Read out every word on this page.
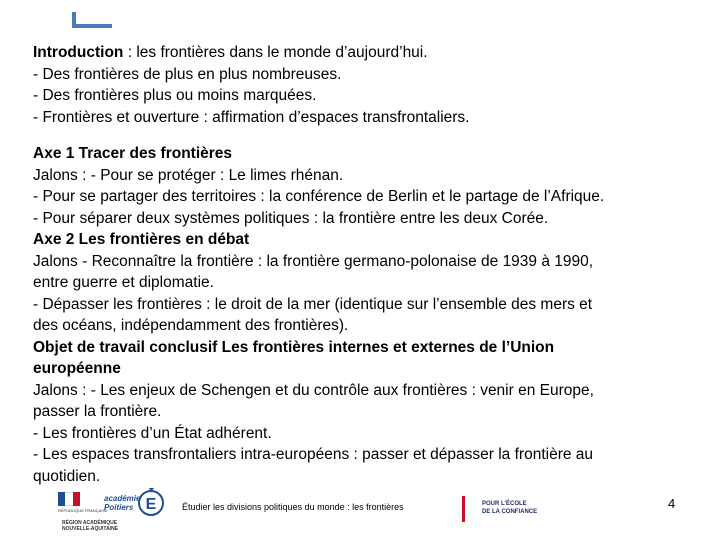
Introduction : les frontières dans le monde d’aujourd’hui.
- Des frontières de plus en plus nombreuses.
- Des frontières plus ou moins marquées.
- Frontières et ouverture : affirmation d’espaces transfrontaliers.
Axe 1 Tracer des frontières
Jalons : - Pour se protéger : Le limes rhénan.
- Pour se partager des territoires : la conférence de Berlin et le partage de l’Afrique.
- Pour séparer deux systèmes politiques : la frontière entre les deux Corée.
Axe 2 Les frontières en débat
Jalons - Reconnaître la frontière : la frontière germano-polonaise de 1939 à 1990,
entre guerre et diplomatie.
- Dépasser les frontières : le droit de la mer (identique sur l’ensemble des mers et
des océans, indépendamment des frontières).
Objet de travail conclusif Les frontières internes et externes de l’Union
européenne
Jalons : - Les enjeux de Schengen et du contrôle aux frontières : venir en Europe,
passer la frontière.
- Les frontières d’un État adhérent.
- Les espaces transfrontaliers intra-européens : passer et dépasser la frontière au
quotidien.
RÉPUBLIQUE FRANÇAISE
académie
Poitiers E
RÉGION ACADÉMIQUE
NOUVELLE-AQUITAINE
Étudier les divisions politiques du monde : les frontières	POUR L’ÉCOLE
DE LA CONFIANCE
4
